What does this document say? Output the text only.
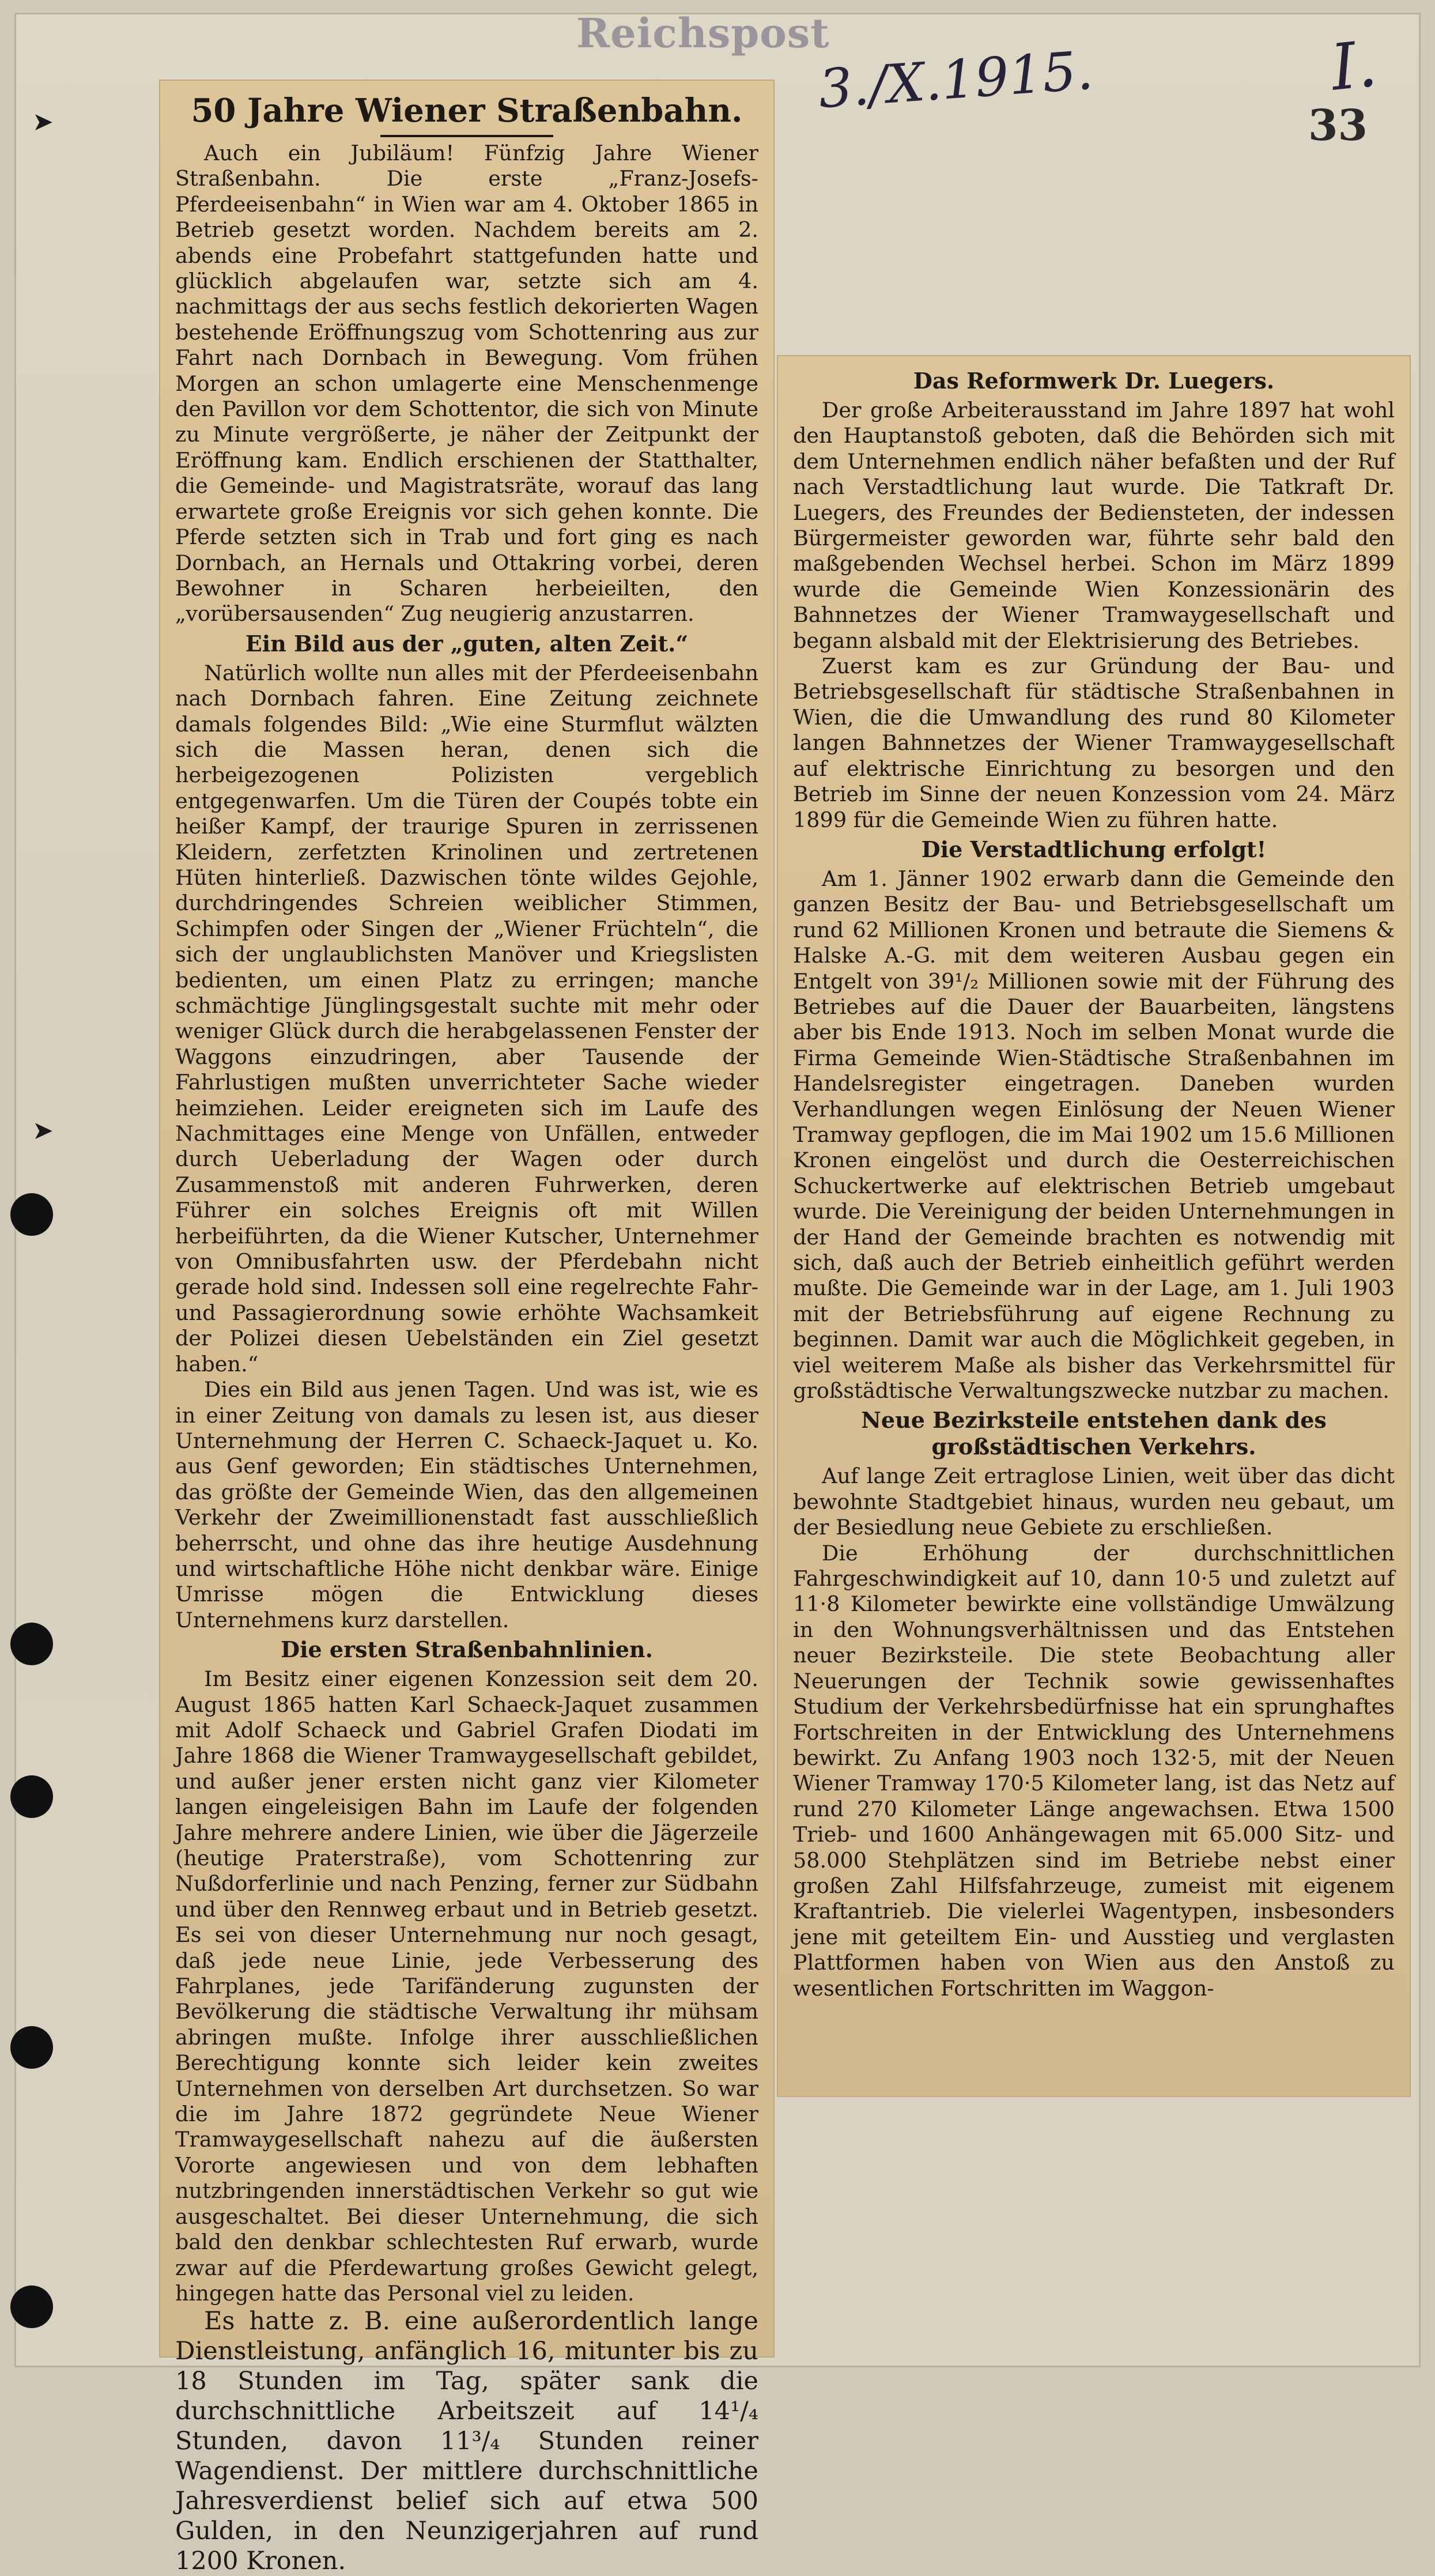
➤
➤
Reichspost
3./X.1915.	I.
33
50 Jahre Wiener Straßenbahn.

Auch ein Jubiläum! Fünfzig Jahre Wiener Straßenbahn. Die erste „Franz-Josefs-Pferdeeisenbahn“ in Wien war am 4. Oktober 1865 in Betrieb gesetzt worden. Nachdem bereits am 2. abends eine Probefahrt stattgefunden hatte und glücklich abgelaufen war, setzte sich am 4. nachmittags der aus sechs festlich dekorierten Wagen bestehende Eröffnungszug vom Schottenring aus zur Fahrt nach Dornbach in Bewegung. Vom frühen Morgen an schon umlagerte eine Menschenmenge den Pavillon vor dem Schottentor, die sich von Minute zu Minute vergrößerte, je näher der Zeitpunkt der Eröffnung kam. Endlich erschienen der Statthalter, die Gemeinde- und Magistratsräte, worauf das lang erwartete große Ereignis vor sich gehen konnte. Die Pferde setzten sich in Trab und fort ging es nach Dornbach, an Hernals und Ottakring vorbei, deren Bewohner in Scharen herbeieilten, den „vorübersausenden“ Zug neugierig anzustarren.

Ein Bild aus der „guten, alten Zeit.“

Natürlich wollte nun alles mit der Pferdeeisenbahn nach Dornbach fahren. Eine Zeitung zeichnete damals folgendes Bild: „Wie eine Sturmflut wälzten sich die Massen heran, denen sich die herbeigezogenen Polizisten vergeblich entgegenwarfen. Um die Türen der Coupés tobte ein heißer Kampf, der traurige Spuren in zerrissenen Kleidern, zerfetzten Krinolinen und zertretenen Hüten hinterließ. Dazwischen tönte wildes Gejohle, durchdringendes Schreien weiblicher Stimmen, Schimpfen oder Singen der „Wiener Früchteln“, die sich der unglaublichsten Manöver und Kriegslisten bedienten, um einen Platz zu erringen; manche schmächtige Jünglingsgestalt suchte mit mehr oder weniger Glück durch die herabgelassenen Fenster der Waggons einzudringen, aber Tausende der Fahrlustigen mußten unverrichteter Sache wieder heimziehen. Leider ereigneten sich im Laufe des Nachmittages eine Menge von Unfällen, entweder durch Ueberladung der Wagen oder durch Zusammenstoß mit anderen Fuhrwerken, deren Führer ein solches Ereignis oft mit Willen herbeiführten, da die Wiener Kutscher, Unternehmer von Omnibusfahrten usw. der Pferdebahn nicht gerade hold sind. Indessen soll eine regelrechte Fahr- und Passagierordnung sowie erhöhte Wachsamkeit der Polizei diesen Uebelständen ein Ziel gesetzt haben.“

Dies ein Bild aus jenen Tagen. Und was ist, wie es in einer Zeitung von damals zu lesen ist, aus dieser Unternehmung der Herren C. Schaeck-Jaquet u. Ko. aus Genf geworden; Ein städtisches Unternehmen, das größte der Gemeinde Wien, das den allgemeinen Verkehr der Zweimillionenstadt fast ausschließlich beherrscht, und ohne das ihre heutige Ausdehnung und wirtschaftliche Höhe nicht denkbar wäre. Einige Umrisse mögen die Entwicklung dieses Unternehmens kurz darstellen.

Die ersten Straßenbahnlinien.

Im Besitz einer eigenen Konzession seit dem 20. August 1865 hatten Karl Schaeck-Jaquet zusammen mit Adolf Schaeck und Gabriel Grafen Diodati im Jahre 1868 die Wiener Tramwaygesellschaft gebildet, und außer jener ersten nicht ganz vier Kilometer langen eingeleisigen Bahn im Laufe der folgenden Jahre mehrere andere Linien, wie über die Jägerzeile (heutige Praterstraße), vom Schottenring zur Nußdorferlinie und nach Penzing, ferner zur Südbahn und über den Rennweg erbaut und in Betrieb gesetzt. Es sei von dieser Unternehmung nur noch gesagt, daß jede neue Linie, jede Verbesserung des Fahrplanes, jede Tarifänderung zugunsten der Bevölkerung die städtische Verwaltung ihr mühsam abringen mußte. Infolge ihrer ausschließlichen Berechtigung konnte sich leider kein zweites Unternehmen von derselben Art durchsetzen. So war die im Jahre 1872 gegründete Neue Wiener Tramwaygesellschaft nahezu auf die äußersten Vororte angewiesen und von dem lebhaften nutzbringenden innerstädtischen Verkehr so gut wie ausgeschaltet. Bei dieser Unternehmung, die sich bald den denkbar schlechtesten Ruf erwarb, wurde zwar auf die Pferdewartung großes Gewicht gelegt, hingegen hatte das Personal viel zu leiden.

Es hatte z. B. eine außerordentlich lange Dienstleistung, anfänglich 16, mitunter bis zu 18 Stunden im Tag, später sank die durchschnittliche Arbeitszeit auf 14¹/₄ Stunden, davon 11³/₄ Stunden reiner Wagendienst. Der mittlere durchschnittliche Jahresverdienst belief sich auf etwa 500 Gulden, in den Neunzigerjahren auf rund 1200 Kronen.

Das Reformwerk Dr. Luegers.

Der große Arbeiterausstand im Jahre 1897 hat wohl den Hauptanstoß geboten, daß die Behörden sich mit dem Unternehmen endlich näher befaßten und der Ruf nach Verstadtlichung laut wurde. Die Tatkraft Dr. Luegers, des Freundes der Bediensteten, der indessen Bürgermeister geworden war, führte sehr bald den maßgebenden Wechsel herbei. Schon im März 1899 wurde die Gemeinde Wien Konzessionärin des Bahnnetzes der Wiener Tramwaygesellschaft und begann alsbald mit der Elektrisierung des Betriebes.

Zuerst kam es zur Gründung der Bau- und Betriebsgesellschaft für städtische Straßenbahnen in Wien, die die Umwandlung des rund 80 Kilometer langen Bahnnetzes der Wiener Tramwaygesellschaft auf elektrische Einrichtung zu besorgen und den Betrieb im Sinne der neuen Konzession vom 24. März 1899 für die Gemeinde Wien zu führen hatte.

Die Verstadtlichung erfolgt!

Am 1. Jänner 1902 erwarb dann die Gemeinde den ganzen Besitz der Bau- und Betriebsgesellschaft um rund 62 Millionen Kronen und betraute die Siemens & Halske A.-G. mit dem weiteren Ausbau gegen ein Entgelt von 39¹/₂ Millionen sowie mit der Führung des Betriebes auf die Dauer der Bauarbeiten, längstens aber bis Ende 1913. Noch im selben Monat wurde die Firma Gemeinde Wien-Städtische Straßenbahnen im Handelsregister eingetragen. Daneben wurden Verhandlungen wegen Einlösung der Neuen Wiener Tramway gepflogen, die im Mai 1902 um 15.6 Millionen Kronen eingelöst und durch die Oesterreichischen Schuckertwerke auf elektrischen Betrieb umgebaut wurde. Die Vereinigung der beiden Unternehmungen in der Hand der Gemeinde brachten es notwendig mit sich, daß auch der Betrieb einheitlich geführt werden mußte. Die Gemeinde war in der Lage, am 1. Juli 1903 mit der Betriebsführung auf eigene Rechnung zu beginnen. Damit war auch die Möglichkeit gegeben, in viel weiterem Maße als bisher das Verkehrsmittel für großstädtische Verwaltungszwecke nutzbar zu machen.

Neue Bezirksteile entstehen dank des großstädtischen Verkehrs.

Auf lange Zeit ertraglose Linien, weit über das dicht bewohnte Stadtgebiet hinaus, wurden neu gebaut, um der Besiedlung neue Gebiete zu erschließen.

Die Erhöhung der durchschnittlichen Fahrgeschwindigkeit auf 10, dann 10·5 und zuletzt auf 11·8 Kilometer bewirkte eine vollständige Umwälzung in den Wohnungsverhältnissen und das Entstehen neuer Bezirksteile. Die stete Beobachtung aller Neuerungen der Technik sowie gewissenhaftes Studium der Verkehrsbedürfnisse hat ein sprunghaftes Fortschreiten in der Entwicklung des Unternehmens bewirkt. Zu Anfang 1903 noch 132·5, mit der Neuen Wiener Tramway 170·5 Kilometer lang, ist das Netz auf rund 270 Kilometer Länge angewachsen. Etwa 1500 Trieb- und 1600 Anhängewagen mit 65.000 Sitz- und 58.000 Stehplätzen sind im Betriebe nebst einer großen Zahl Hilfsfahrzeuge, zumeist mit eigenem Kraftantrieb. Die vielerlei Wagentypen, insbesonders jene mit geteiltem Ein- und Ausstieg und verglasten Plattformen haben von Wien aus den Anstoß zu wesentlichen Fortschritten im Waggon-
